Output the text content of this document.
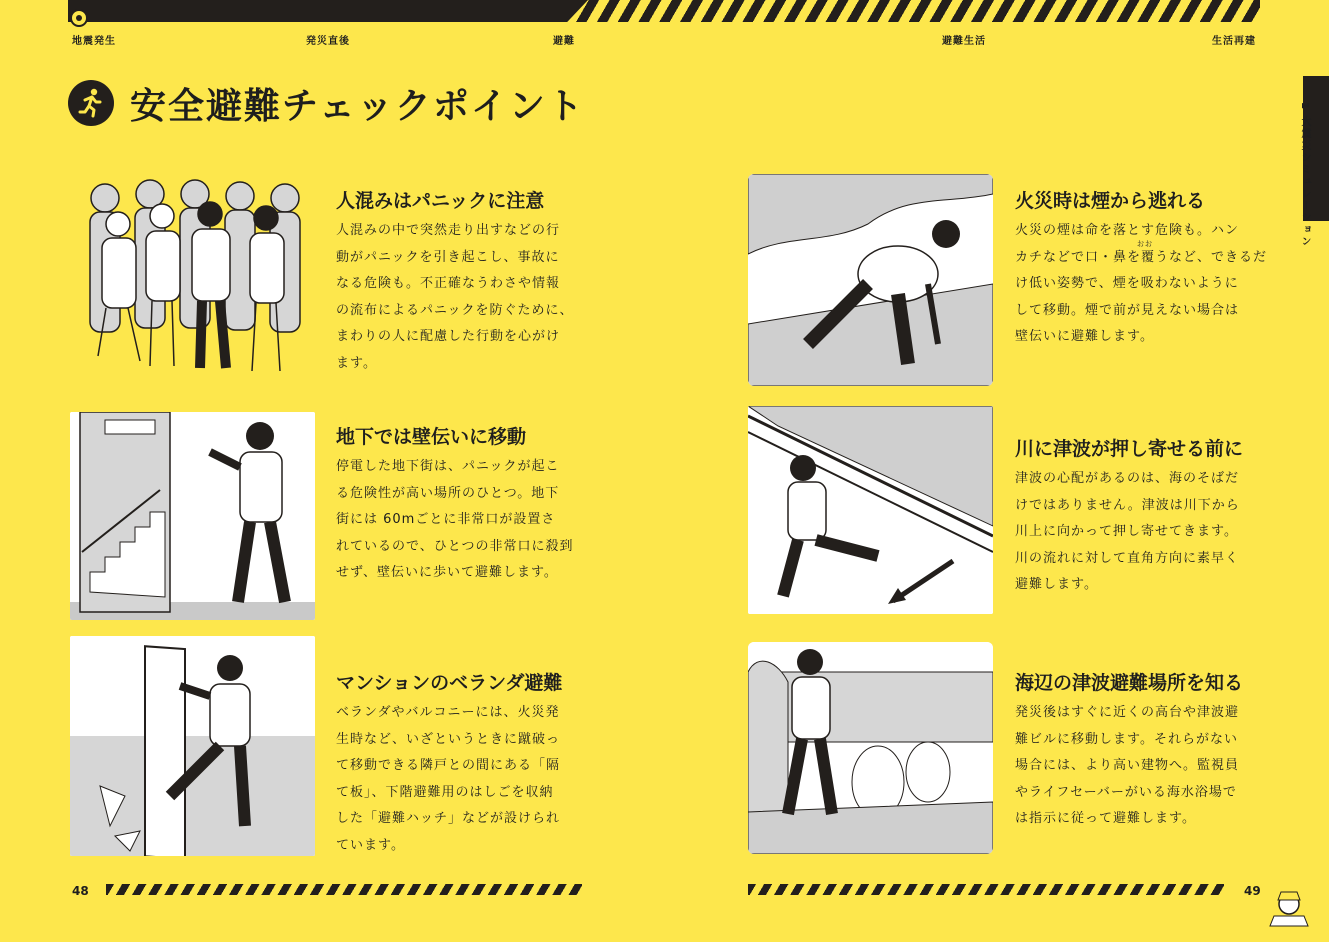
地震発生	発災直後	避難	避難生活	生活再建
安全避難チェックポイント	1 大震災シミュレーション
人混みはパニックに注意

人混みの中で突然走り出すなどの行
動がパニックを引き起こし、事故に
なる危険も。不正確なうわさや情報
の流布によるパニックを防ぐために、
まわりの人に配慮した行動を心がけ
ます。

地下では壁伝いに移動

停電した地下街は、パニックが起こ
る危険性が高い場所のひとつ。地下
街には 60mごとに非常口が設置さ
れているので、ひとつの非常口に殺到
せず、壁伝いに歩いて避難します。

マンションのベランダ避難

ベランダやバルコニーには、火災発
生時など、いざというときに蹴破っ
て移動できる隣戸との間にある「隔
て板」、下階避難用のはしごを収納
した「避難ハッチ」などが設けられ
ています。

火災時は煙から逃れる
おお

火災の煙は命を落とす危険も。ハン
カチなどで口・鼻を覆うなど、できるだ
け低い姿勢で、煙を吸わないように
して移動。煙で前が見えない場合は
壁伝いに避難します。

川に津波が押し寄せる前に

津波の心配があるのは、海のそばだ
けではありません。津波は川下から
川上に向かって押し寄せてきます。
川の流れに対して直角方向に素早く
避難します。

海辺の津波避難場所を知る

発災後はすぐに近くの高台や津波避
難ビルに移動します。それらがない
場合には、より高い建物へ。監視員
やライフセーバーがいる海水浴場で
は指示に従って避難します。

48	49
